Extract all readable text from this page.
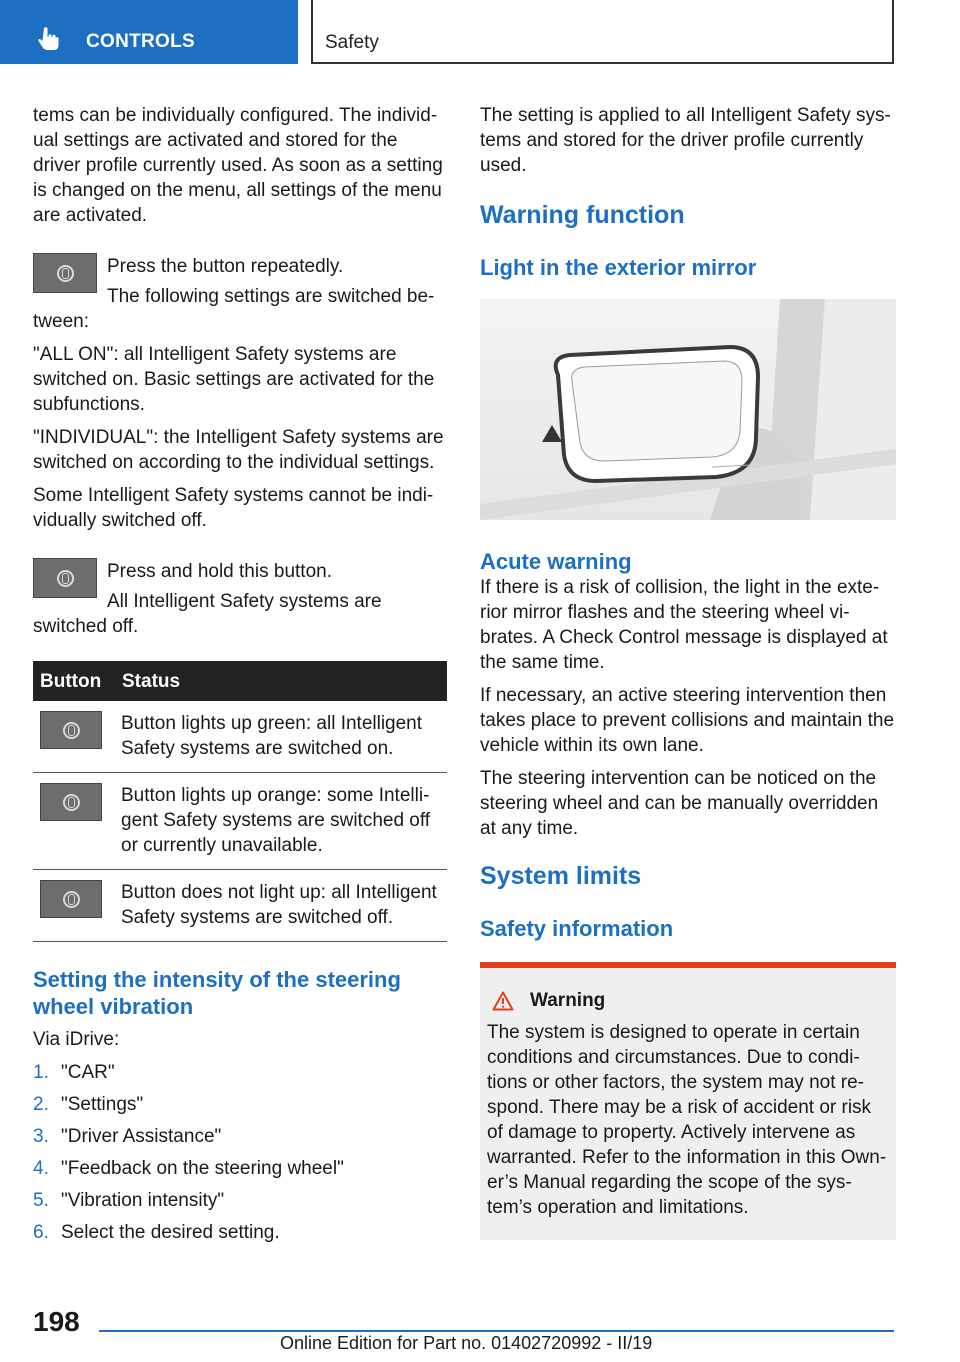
CONTROLS	Safety

tems can be individually configured. The individ‐ ual settings are activated and stored for the driver profile currently used. As soon as a setting is changed on the menu, all settings of the menu are activated.

Press the button repeatedly.

The following settings are switched be‐ tween:

"ALL ON": all Intelligent Safety systems are switched on. Basic settings are activated for the subfunctions.

"INDIVIDUAL": the Intelligent Safety systems are switched on according to the individual settings.

Some Intelligent Safety systems cannot be indi‐ vidually switched off.

Press and hold this button.

All Intelligent Safety systems are switched off.

Button	Status

	Button lights up green: all Intelligent Safety systems are switched on.

	Button lights up orange: some Intelli‐ gent Safety systems are switched off or currently unavailable.

	Button does not light up: all Intelligent Safety systems are switched off.
Setting the intensity of the steering wheel vibration

Via iDrive:

1. "CAR"
2. "Settings"
3. "Driver Assistance"
4. "Feedback on the steering wheel"
5. "Vibration intensity"
6. Select the desired setting.

The setting is applied to all Intelligent Safety sys‐ tems and stored for the driver profile currently used.

Warning function
Light in the exterior mirror
Acute warning

If there is a risk of collision, the light in the exte‐ rior mirror flashes and the steering wheel vi‐ brates. A Check Control message is displayed at the same time.

If necessary, an active steering intervention then takes place to prevent collisions and maintain the vehicle within its own lane.

The steering intervention can be noticed on the steering wheel and can be manually overridden at any time.

System limits
Safety information
Warning

The system is designed to operate in certain conditions and circumstances. Due to condi‐ tions or other factors, the system may not re‐ spond. There may be a risk of accident or risk of damage to property. Actively intervene as warranted. Refer to the information in this Own‐ er’s Manual regarding the scope of the sys‐ tem’s operation and limitations.

198
Online Edition for Part no. 01402720992 - II/19
